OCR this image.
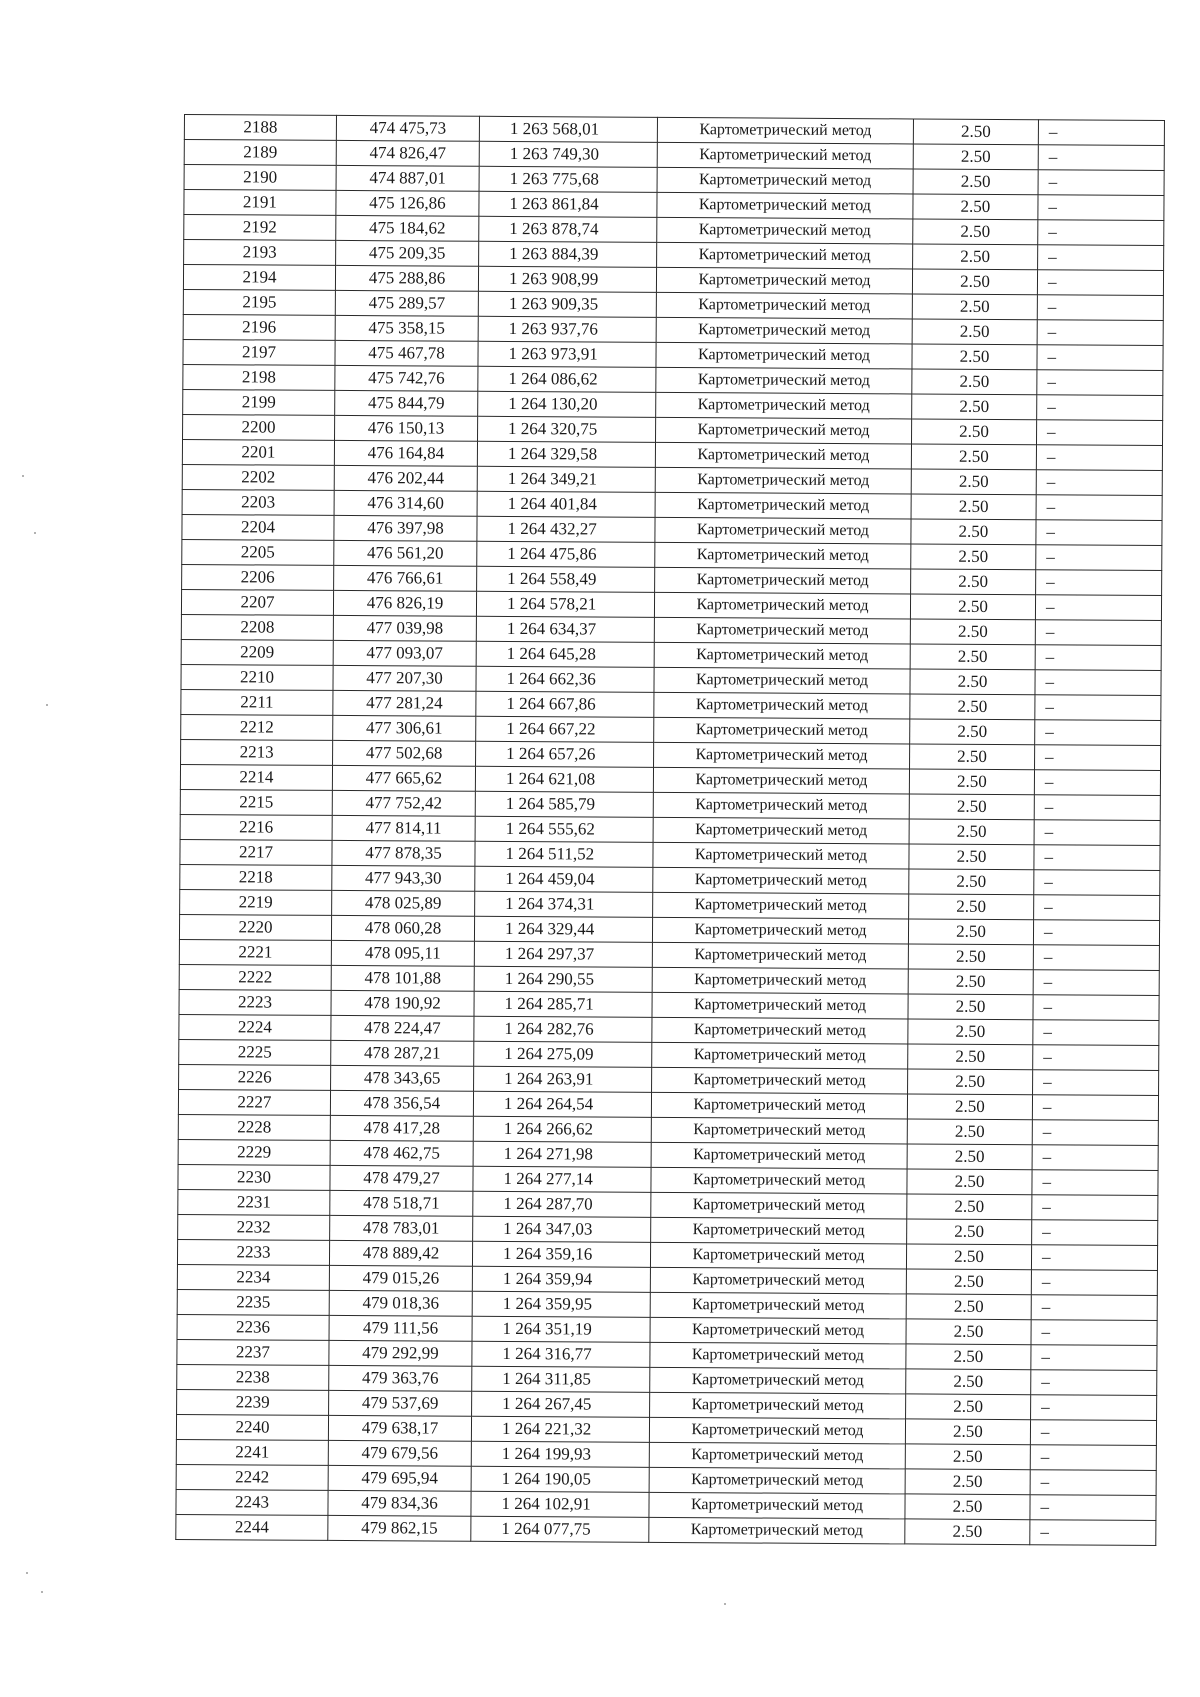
2188	474 475,73	1 263 568,01	Картометрический метод	2.50	–
2189	474 826,47	1 263 749,30	Картометрический метод	2.50	–
2190	474 887,01	1 263 775,68	Картометрический метод	2.50	–
2191	475 126,86	1 263 861,84	Картометрический метод	2.50	–
2192	475 184,62	1 263 878,74	Картометрический метод	2.50	–
2193	475 209,35	1 263 884,39	Картометрический метод	2.50	–
2194	475 288,86	1 263 908,99	Картометрический метод	2.50	–
2195	475 289,57	1 263 909,35	Картометрический метод	2.50	–
2196	475 358,15	1 263 937,76	Картометрический метод	2.50	–
2197	475 467,78	1 263 973,91	Картометрический метод	2.50	–
2198	475 742,76	1 264 086,62	Картометрический метод	2.50	–
2199	475 844,79	1 264 130,20	Картометрический метод	2.50	–
2200	476 150,13	1 264 320,75	Картометрический метод	2.50	–
2201	476 164,84	1 264 329,58	Картометрический метод	2.50	–
2202	476 202,44	1 264 349,21	Картометрический метод	2.50	–
2203	476 314,60	1 264 401,84	Картометрический метод	2.50	–
2204	476 397,98	1 264 432,27	Картометрический метод	2.50	–
2205	476 561,20	1 264 475,86	Картометрический метод	2.50	–
2206	476 766,61	1 264 558,49	Картометрический метод	2.50	–
2207	476 826,19	1 264 578,21	Картометрический метод	2.50	–
2208	477 039,98	1 264 634,37	Картометрический метод	2.50	–
2209	477 093,07	1 264 645,28	Картометрический метод	2.50	–
2210	477 207,30	1 264 662,36	Картометрический метод	2.50	–
2211	477 281,24	1 264 667,86	Картометрический метод	2.50	–
2212	477 306,61	1 264 667,22	Картометрический метод	2.50	–
2213	477 502,68	1 264 657,26	Картометрический метод	2.50	–
2214	477 665,62	1 264 621,08	Картометрический метод	2.50	–
2215	477 752,42	1 264 585,79	Картометрический метод	2.50	–
2216	477 814,11	1 264 555,62	Картометрический метод	2.50	–
2217	477 878,35	1 264 511,52	Картометрический метод	2.50	–
2218	477 943,30	1 264 459,04	Картометрический метод	2.50	–
2219	478 025,89	1 264 374,31	Картометрический метод	2.50	–
2220	478 060,28	1 264 329,44	Картометрический метод	2.50	–
2221	478 095,11	1 264 297,37	Картометрический метод	2.50	–
2222	478 101,88	1 264 290,55	Картометрический метод	2.50	–
2223	478 190,92	1 264 285,71	Картометрический метод	2.50	–
2224	478 224,47	1 264 282,76	Картометрический метод	2.50	–
2225	478 287,21	1 264 275,09	Картометрический метод	2.50	–
2226	478 343,65	1 264 263,91	Картометрический метод	2.50	–
2227	478 356,54	1 264 264,54	Картометрический метод	2.50	–
2228	478 417,28	1 264 266,62	Картометрический метод	2.50	–
2229	478 462,75	1 264 271,98	Картометрический метод	2.50	–
2230	478 479,27	1 264 277,14	Картометрический метод	2.50	–
2231	478 518,71	1 264 287,70	Картометрический метод	2.50	–
2232	478 783,01	1 264 347,03	Картометрический метод	2.50	–
2233	478 889,42	1 264 359,16	Картометрический метод	2.50	–
2234	479 015,26	1 264 359,94	Картометрический метод	2.50	–
2235	479 018,36	1 264 359,95	Картометрический метод	2.50	–
2236	479 111,56	1 264 351,19	Картометрический метод	2.50	–
2237	479 292,99	1 264 316,77	Картометрический метод	2.50	–
2238	479 363,76	1 264 311,85	Картометрический метод	2.50	–
2239	479 537,69	1 264 267,45	Картометрический метод	2.50	–
2240	479 638,17	1 264 221,32	Картометрический метод	2.50	–
2241	479 679,56	1 264 199,93	Картометрический метод	2.50	–
2242	479 695,94	1 264 190,05	Картометрический метод	2.50	–
2243	479 834,36	1 264 102,91	Картометрический метод	2.50	–
2244	479 862,15	1 264 077,75	Картометрический метод	2.50	–
